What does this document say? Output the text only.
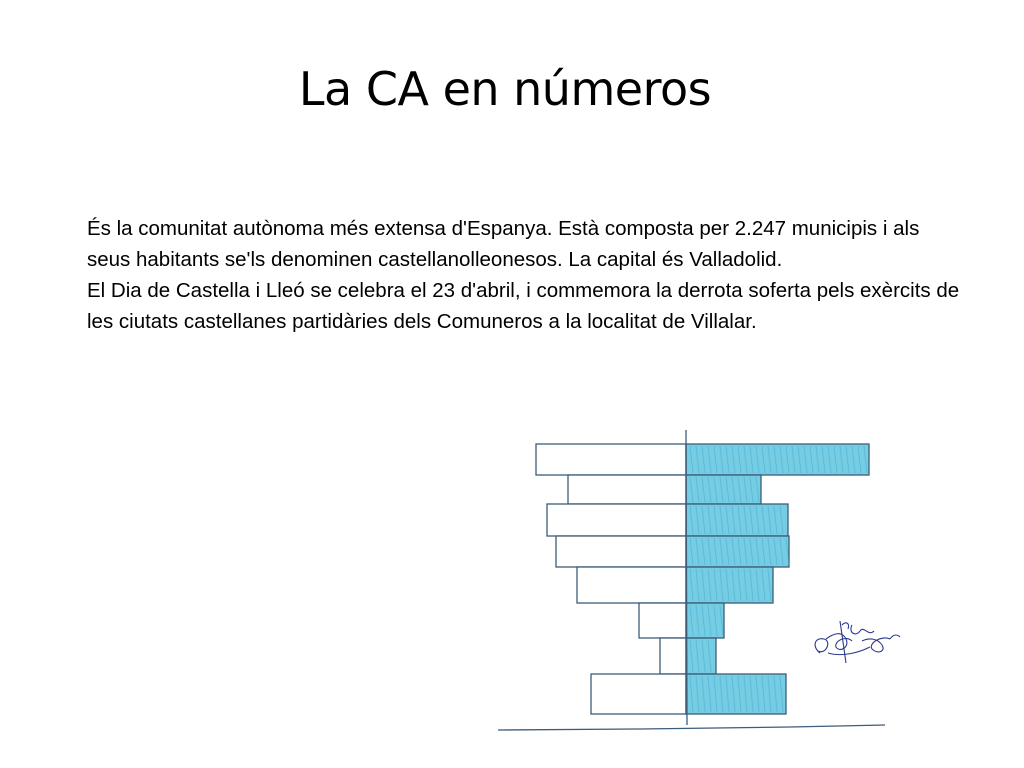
La CA en números

És la comunitat autònoma més extensa d'Espanya. Està composta per 2.247 municipis i als seus habitants se'ls denominen castellanolleonesos. La capital és Valladolid.

El Dia de Castella i Lleó se celebra el 23 d'abril, i commemora la derrota soferta pels exèrcits de les ciutats castellanes partidàries dels Comuneros a la localitat de Villalar.
